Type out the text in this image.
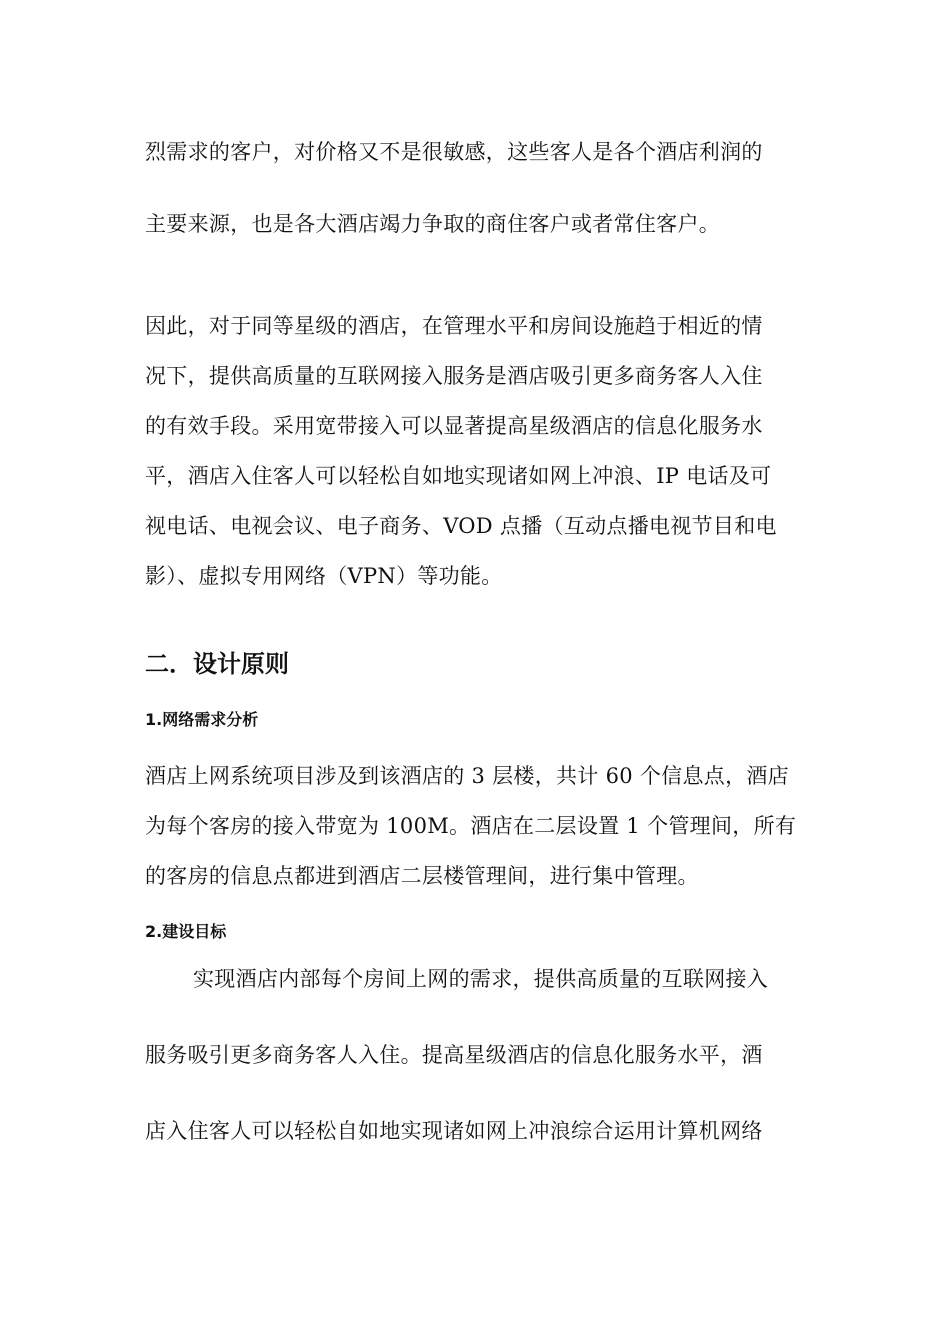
烈需求的客户，对价格又不是很敏感，这些客人是各个酒店利润的
主要来源，也是各大酒店竭力争取的商住客户或者常住客户。
因此，对于同等星级的酒店，在管理水平和房间设施趋于相近的情
况下，提供高质量的互联网接入服务是酒店吸引更多商务客人入住
的有效手段。采用宽带接入可以显著提高星级酒店的信息化服务水
平，酒店入住客人可以轻松自如地实现诸如网上冲浪、IP 电话及可
视电话、电视会议、电子商务、VOD 点播（互动点播电视节目和电
影）、虚拟专用网络（VPN）等功能。
二．设计原则
1.网络需求分析
酒店上网系统项目涉及到该酒店的 3 层楼，共计 60 个信息点，酒店
为每个客房的接入带宽为 100M。酒店在二层设置 1 个管理间，所有
的客房的信息点都进到酒店二层楼管理间，进行集中管理。
2.建设目标
实现酒店内部每个房间上网的需求，提供高质量的互联网接入
服务吸引更多商务客人入住。提高星级酒店的信息化服务水平，酒
店入住客人可以轻松自如地实现诸如网上冲浪综合运用计算机网络
